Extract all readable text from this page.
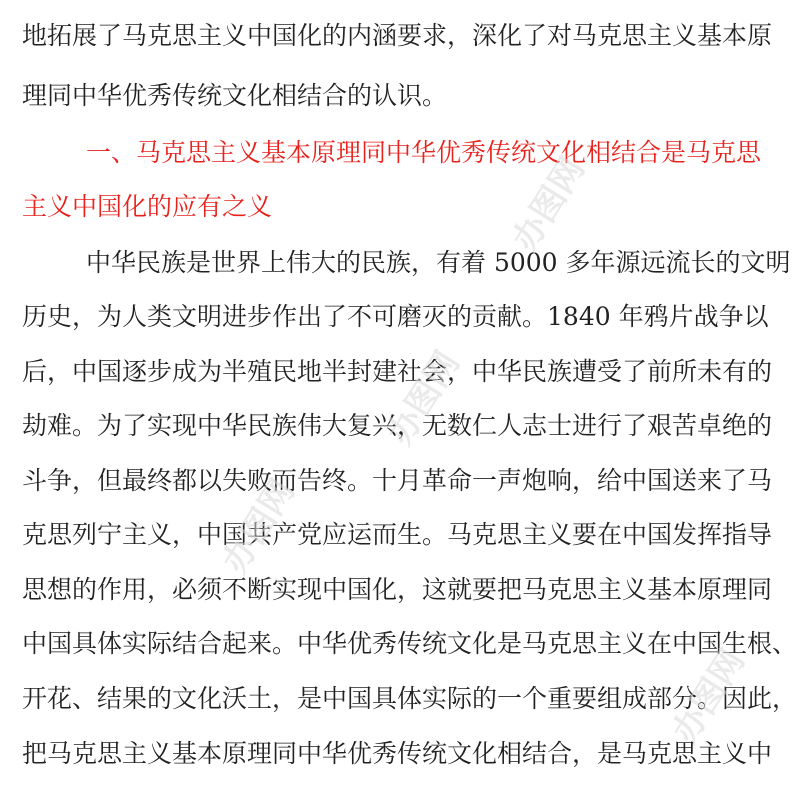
地拓展了马克思主义中国化的内涵要求，深化了对马克思主义基本原
理同中华优秀传统文化相结合的认识。
一、马克思主义基本原理同中华优秀传统文化相结合是马克思
主义中国化的应有之义
中华民族是世界上伟大的民族，有着 5000 多年源远流长的文明
历史，为人类文明进步作出了不可磨灭的贡献。1840 年鸦片战争以
后，中国逐步成为半殖民地半封建社会，中华民族遭受了前所未有的
劫难。为了实现中华民族伟大复兴，无数仁人志士进行了艰苦卓绝的
斗争，但最终都以失败而告终。十月革命一声炮响，给中国送来了马
克思列宁主义，中国共产党应运而生。马克思主义要在中国发挥指导
思想的作用，必须不断实现中国化，这就要把马克思主义基本原理同
中国具体实际结合起来。中华优秀传统文化是马克思主义在中国生根、
开花、结果的文化沃土，是中国具体实际的一个重要组成部分。因此，
把马克思主义基本原理同中华优秀传统文化相结合，是马克思主义中
办图网
办图网
办图网
办图网
